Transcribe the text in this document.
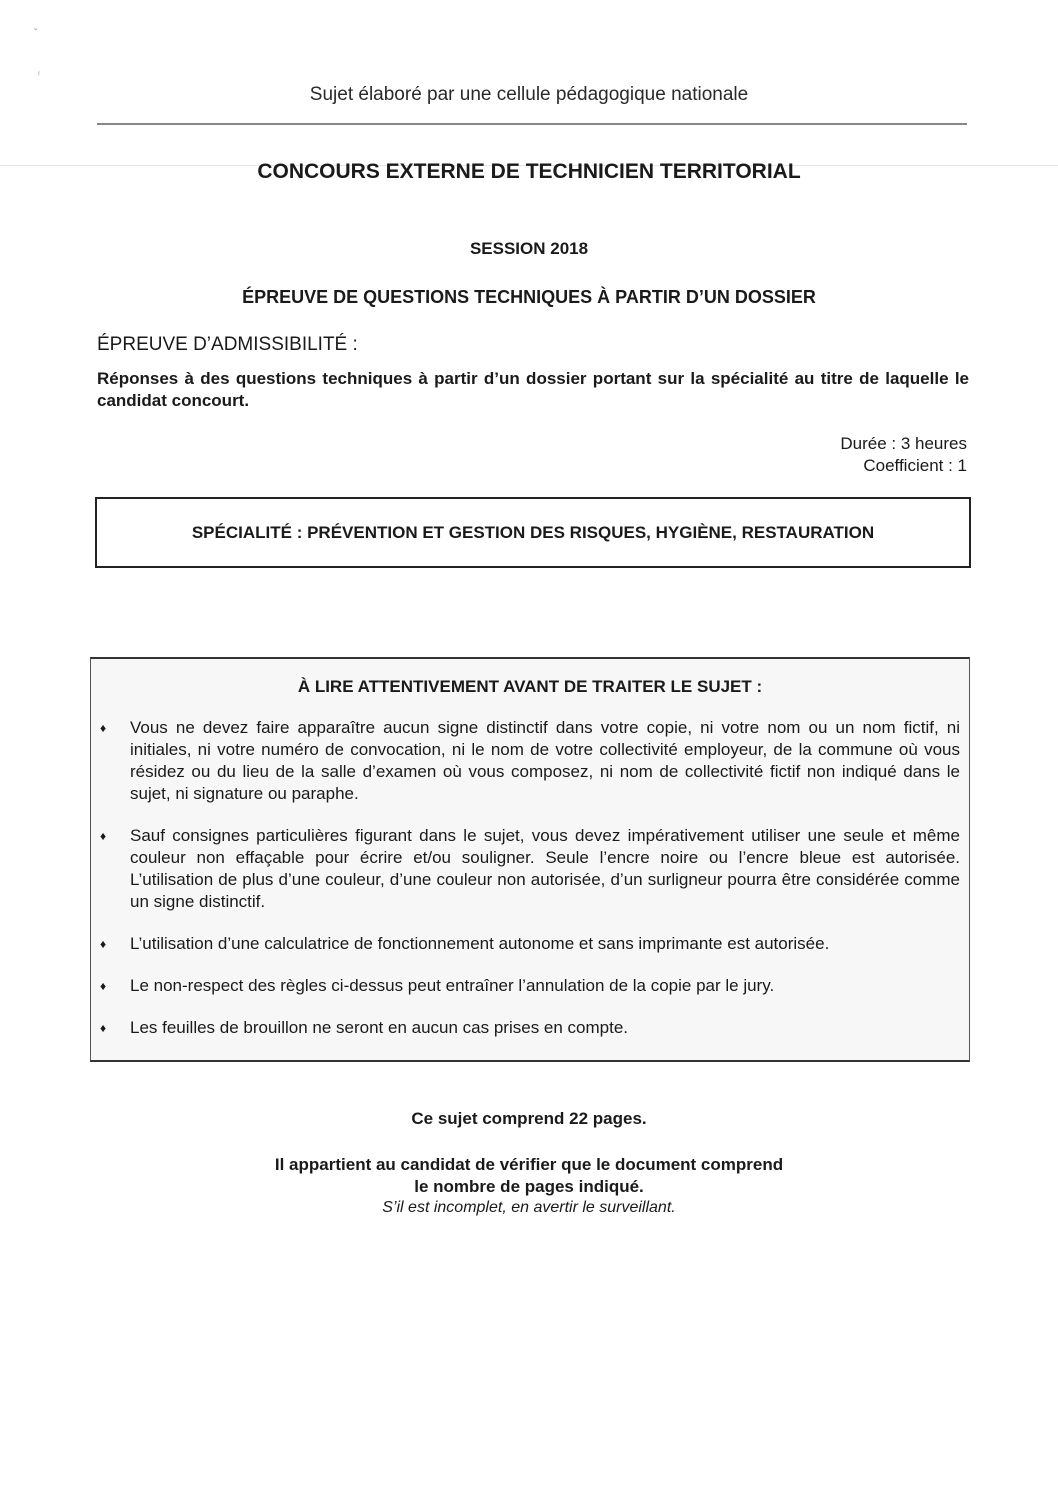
ˇ
ʳ
Sujet élaboré par une cellule pédagogique nationale
CONCOURS EXTERNE DE TECHNICIEN TERRITORIAL
SESSION 2018
ÉPREUVE DE QUESTIONS TECHNIQUES À PARTIR D’UN DOSSIER
ÉPREUVE D’ADMISSIBILITÉ :
Réponses à des questions techniques à partir d’un dossier portant sur la spécialité au titre de laquelle le candidat concourt.
Durée : 3 heures
Coefficient : 1
SPÉCIALITÉ : PRÉVENTION ET GESTION DES RISQUES, HYGIÈNE, RESTAURATION
À LIRE ATTENTIVEMENT AVANT DE TRAITER LE SUJET :
♦ Vous ne devez faire apparaître aucun signe distinctif dans votre copie, ni votre nom ou un nom fictif, ni initiales, ni votre numéro de convocation, ni le nom de votre collectivité employeur, de la commune où vous résidez ou du lieu de la salle d’examen où vous composez, ni nom de collectivité fictif non indiqué dans le sujet, ni signature ou paraphe.
♦ Sauf consignes particulières figurant dans le sujet, vous devez impérativement utiliser une seule et même couleur non effaçable pour écrire et/ou souligner. Seule l’encre noire ou l’encre bleue est autorisée. L’utilisation de plus d’une couleur, d’une couleur non autorisée, d’un surligneur pourra être considérée comme un signe distinctif.
♦ L’utilisation d’une calculatrice de fonctionnement autonome et sans imprimante est autorisée.
♦ Le non-respect des règles ci-dessus peut entraîner l’annulation de la copie par le jury.
♦ Les feuilles de brouillon ne seront en aucun cas prises en compte.
Ce sujet comprend 22 pages.
Il appartient au candidat de vérifier que le document comprend
le nombre de pages indiqué.
S’il est incomplet, en avertir le surveillant.
